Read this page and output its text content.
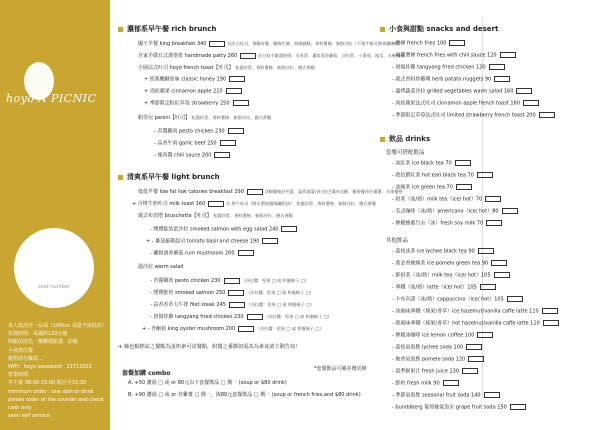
hoyo A PICNIC
seat number
每人低消任一品項（100cm 須量不需低消）
用餐時間：每滿時120分鐘
開點前請先一樓櫃檯點餐、結帳
小孩禁用餐
寵物請勿戴或...
WIFI：hoyo password：23712022
營業時間
早午餐 08:30-15:00 假日至15:30
minimum order : one dish or drink
please order at the counter and check
cash only
semi self service
濃郁系早午餐 rich brunch
國王早餐 king breakfast 340	含法式吐司、香腸炸薯、雞胸生條、照燒豬腿、香料薯條、新鮮沙拉（不挑牛排可換香醬咖啡）
自家手做日式漢堡排 handmade patty 260	含自家手做漢堡排、水煮蛋、蘆筍蒸炒蘑菇、沙拉蛋、小番茄、地瓜、水果優格
小園法式吐司 hoyo french toast【吐司】 松露炒蛋、香料薯條、新鮮沙拉、德式香腸
+ 經典楓糖原味 classic honey 190
+ 肉桂蘋果 cinnamon apple 210
+ 季節限定粉紅草莓 strawberry 250
帕里尼 panini【吐司】 松露炒蛋、香料薯條、新鮮沙拉、德式香腸
- 青醬雞肉 pesto chicken 230
- 蒜香牛肉 garlic beef 250
- 辣肉醬 chili sauce 200
清爽系早午餐 light brunch
低低早餐 low fat low calories breakfast 290	含蝦雞捲舒芙蕾、溫煮蔬菜沙拉佐巴薩米克醋、糙麥優沙拉蕃薯、水果優格
+ 自烤牛奶吐司 milk toast 160	含 厚片吐司（附自製果醬與鹹奶油）、松露炒蛋、香料薯條、新鮮沙拉、德式香腸
義式布切塔 bruschetta【吐司】 松露炒蛋、香料薯條、新鮮沙拉、德式香腸
- 煙燻鮭魚蛋沙拉 smoked salmon with egg salad 240
+ - 蕃茄羅勒起司 tomato basil and cheese 190
- 蘭姆酒香蘑菇 rum mushroom 200
溫沙拉 warm salad
- 青醬雞肉 pesto chicken 230	（沙拉醬：堅果 □ 或 和風柚子 □）
- 煙燻鮭魚 smoked salmon 250	（沙拉醬：堅果 □ 或 和風柚子 □）
- 蒜香香草力牛排 filet steak 245	（沙拉醬：堅果 □ 或 和風柚子 □）
- 唐揚炸雞 tangyang fried chicken 230	（沙拉醬：堅果 □ 或 和風柚子 □）
+ - 杏鮑菇 king oyster mushroom 200	（沙拉醬：堅果 □ 或 和風柚子 □）
+ 綠色點標誌之餐點為蛋奶素可食餐點，附餐之番醬如需改為素食請主動告知！
*套餐飲品可補差價更換
套餐加購 combo
A. +50 濃湯 □ 或 or 80元以下套餐飲品 □ 價一 (soup or $80 drink)
B. +90 濃湯 □ 或 or 炸雞薯 □ 價一，與80元套餐飲品 □ 價一 (soup or french fries,and $80 drink)
小食與甜點 snacks and desert
- 薯條 french fries 100
- 肉醬薯條 french fries with chili sauce 120
- 唐揚炸雞 tangyang fried chicken 130
- 義式香料炒雞塊 herb potato nuggets 90
- 溫烤蔬菜沙拉 grilled vegetables warm salad 160
- 肉桂蘋果法式吐司 cinnamon apple french toast 160
- 季節限定草莓法式吐司 limited strawberry french toast 200
飲品 drinks
套餐可搭配飲品
- 冰紅茶 ice black tea 70
- 熱伯爵紅茶 hot earl black tea 70
- 冰綠茶 ice green tea 70
- 奶茶（冰/熱）milk tea（ice/ hot）70
- 美式咖啡（冰/熱）americano（ice/ hot）80
- 檸檬蜂蜜汽水（冰）fresh soy milk 70
其他飲品
- 荔枝冰茶 ice lychee black tea 90
- 萬金香柚綠茶 ice pomelo green tea 90
- 鮮奶茶（冰/熱）milk tea（ice/ hot）105
- 拿鐵（冰/熱）latte（ice/ hot）105
- 卡布奇諾（冰/熱）cappuccino（ice/ hot）105
- 冰風味拿鐵（榛果/香草）ice hazelnut/vanilla caffe latte 110
- 熱風味拿鐵（榛果/香草）hot hazelnut/vanilla caffe latte 110
- 檸檬冰咖啡 ice lemon coffee 100
- 荔枝氣泡飲 lychee soda 100
- 柚香氣泡飲 pomelo soda 120
- 當季鮮果汁 fresh juice 130
- 鮮奶 fresh milk 90
- 季節氣泡飲 seasonal fruit soda 140
- bundaberg 葡萄柚氣泡水 grape fruit soda 150
